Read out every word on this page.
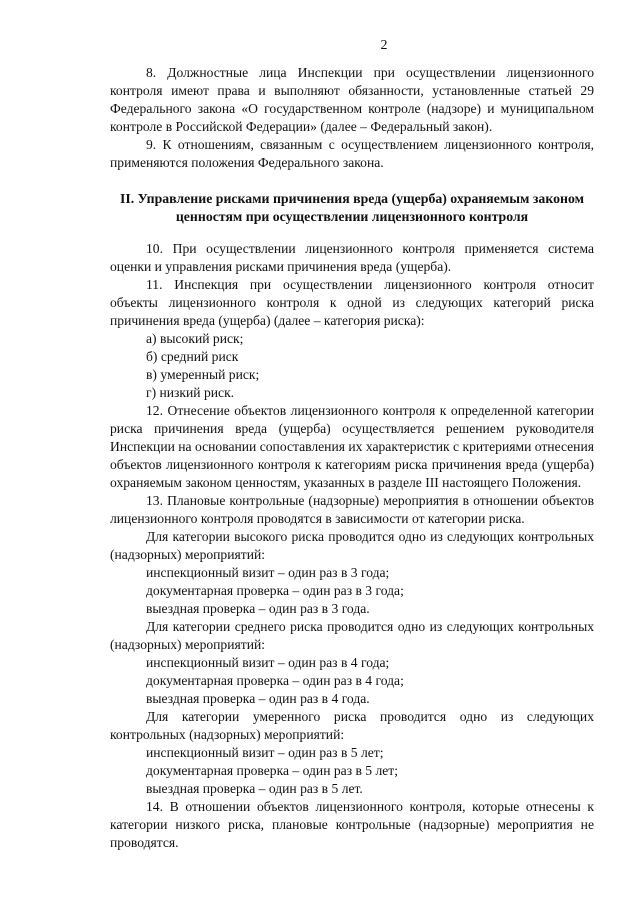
2

8. Должностные лица Инспекции при осуществлении лицензионного контроля имеют права и выполняют обязанности, установленные статьей 29 Федерального закона «О государственном контроле (надзоре) и муниципальном контроле в Российской Федерации» (далее – Федеральный закон).

9. К отношениям, связанным с осуществлением лицензионного контроля, применяются положения Федерального закона.

II. Управление рисками причинения вреда (ущерба) охраняемым законом ценностям при осуществлении лицензионного контроля

10. При осуществлении лицензионного контроля применяется система оценки и управления рисками причинения вреда (ущерба).

11. Инспекция при осуществлении лицензионного контроля относит объекты лицензионного контроля к одной из следующих категорий риска причинения вреда (ущерба) (далее – категория риска):

а) высокий риск;

б) средний риск

в) умеренный риск;

г) низкий риск.

12. Отнесение объектов лицензионного контроля к определенной категории риска причинения вреда (ущерба) осуществляется решением руководителя Инспекции на основании сопоставления их характеристик с критериями отнесения объектов лицензионного контроля к категориям риска причинения вреда (ущерба) охраняемым законом ценностям, указанных в разделе III настоящего Положения.

13. Плановые контрольные (надзорные) мероприятия в отношении объектов лицензионного контроля проводятся в зависимости от категории риска.

Для категории высокого риска проводится одно из следующих контрольных (надзорных) мероприятий:

инспекционный визит – один раз в 3 года;

документарная проверка – один раз в 3 года;

выездная проверка – один раз в 3 года.

Для категории среднего риска проводится одно из следующих контрольных (надзорных) мероприятий:

инспекционный визит – один раз в 4 года;

документарная проверка – один раз в 4 года;

выездная проверка – один раз в 4 года.

Для категории умеренного риска проводится одно из следующих контрольных (надзорных) мероприятий:

инспекционный визит – один раз в 5 лет;

документарная проверка – один раз в 5 лет;

выездная проверка – один раз в 5 лет.

14. В отношении объектов лицензионного контроля, которые отнесены к категории низкого риска, плановые контрольные (надзорные) мероприятия не проводятся.
